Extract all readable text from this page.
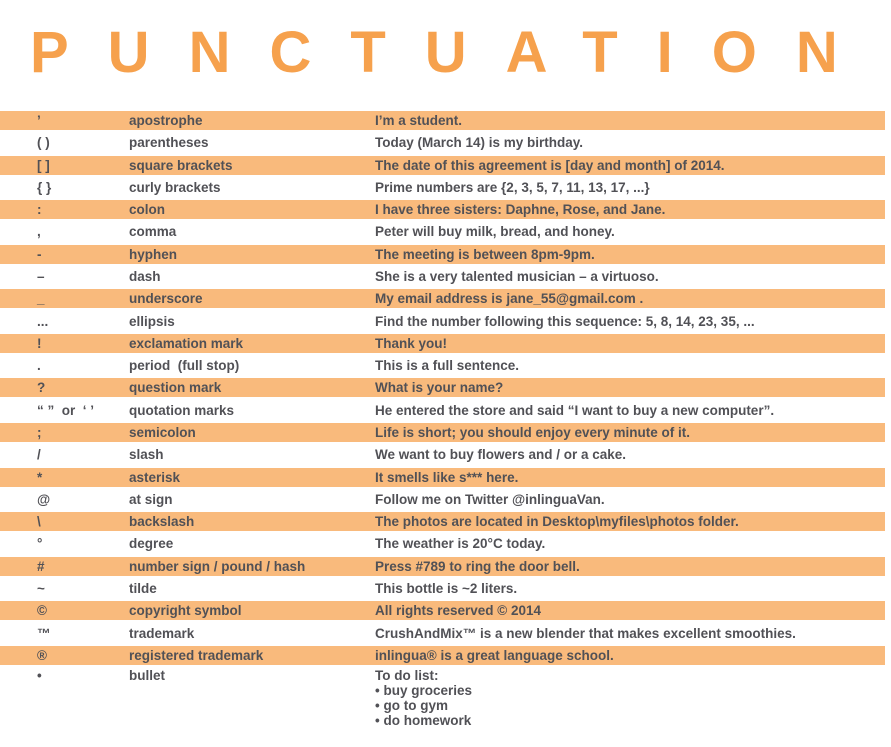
PUNCTUATION
’	apostrophe	I’m a student.
( )	parentheses	Today (March 14) is my birthday.
[ ]	square brackets	The date of this agreement is [day and month] of 2014.
{ }	curly brackets	Prime numbers are {2, 3, 5, 7, 11, 13, 17, ...}
:	colon	I have three sisters: Daphne, Rose, and Jane.
,	comma	Peter will buy milk, bread, and honey.
-	hyphen	The meeting is between 8pm-9pm.
–	dash	She is a very talented musician – a virtuoso.
_	underscore	My email address is jane_55@gmail.com .
...	ellipsis	Find the number following this sequence: 5, 8, 14, 23, 35, ...
!	exclamation mark	Thank you!
.	period  (full stop)	This is a full sentence.
?	question mark	What is your name?
“ ”  or  ‘ ’	quotation marks	He entered the store and said “I want to buy a new computer”.
;	semicolon	Life is short; you should enjoy every minute of it.
/	slash	We want to buy flowers and / or a cake.
*	asterisk	It smells like s*** here.
@	at sign	Follow me on Twitter @inlinguaVan.
\	backslash	The photos are located in Desktop\myfiles\photos folder.
°	degree	The weather is 20°C today.
#	number sign / pound / hash	Press #789 to ring the door bell.
~	tilde	This bottle is ~2 liters.
©	copyright symbol	All rights reserved © 2014
™	trademark	CrushAndMix™ is a new blender that makes excellent smoothies.
®	registered trademark	inlingua® is a great language school.
•	bullet	To do list:
• buy groceries
• go to gym
• do homework
